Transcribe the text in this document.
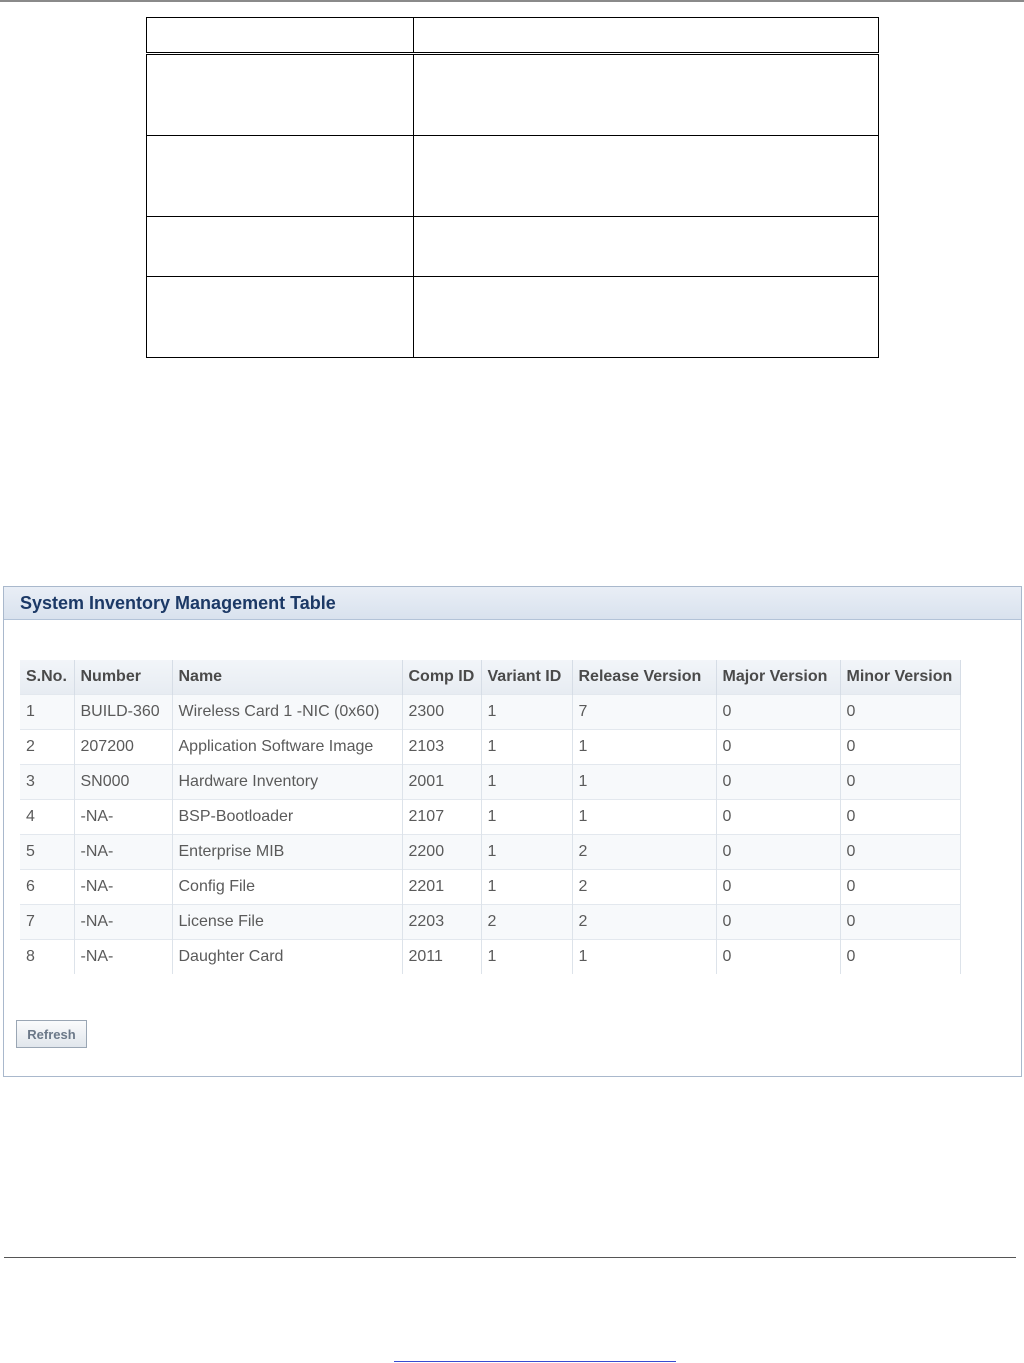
System Inventory Management Table
S.No.	Number	Name	Comp ID	Variant ID	Release Version	Major Version	Minor Version
1	BUILD-360	Wireless Card 1 -NIC (0x60)	2300	1	7	0	0
2	207200	Application Software Image	2103	1	1	0	0
3	SN000	Hardware Inventory	2001	1	1	0	0
4	-NA-	BSP-Bootloader	2107	1	1	0	0
5	-NA-	Enterprise MIB	2200	1	2	0	0
6	-NA-	Config File	2201	1	2	0	0
7	-NA-	License File	2203	2	2	0	0
8	-NA-	Daughter Card	2011	1	1	0	0
Refresh
